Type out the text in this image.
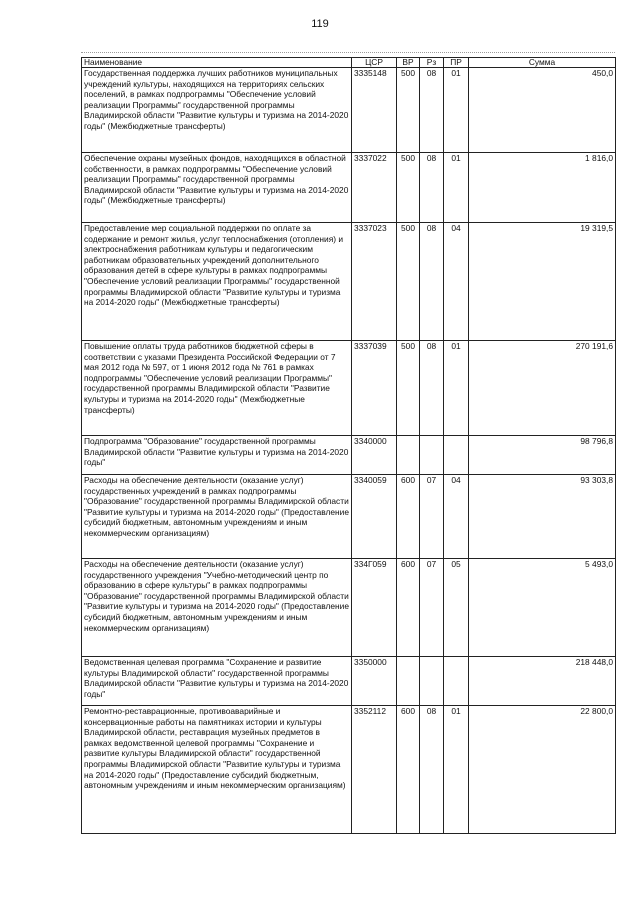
119
Наименование	ЦСР	ВР	Рз	ПР	Сумма
Государственная поддержка лучших работников муниципальных учреждений культуры, находящихся на территориях сельских поселений, в рамках подпрограммы "Обеспечение условий реализации Программы" государственной программы Владимирской области "Развитие культуры и туризма на 2014-2020 годы" (Межбюджетные трансферты)	3335148	500	08	01	450,0
Обеспечение охраны музейных фондов, находящихся в областной собственности, в рамках подпрограммы "Обеспечение условий реализации Программы" государственной программы Владимирской области "Развитие культуры и туризма на 2014-2020 годы" (Межбюджетные трансферты)	3337022	500	08	01	1 816,0
Предоставление мер социальной поддержки по оплате за содержание и ремонт жилья, услуг теплоснабжения (отопления) и электроснабжения работникам культуры и педагогическим работникам образовательных учреждений дополнительного образования детей в сфере культуры в рамках подпрограммы "Обеспечение условий реализации Программы" государственной программы Владимирской области "Развитие культуры и туризма на 2014-2020 годы" (Межбюджетные трансферты)	3337023	500	08	04	19 319,5
Повышение оплаты труда работников бюджетной сферы в соответствии с указами Президента Российской Федерации от 7 мая 2012 года № 597, от 1 июня 2012 года № 761 в рамках подпрограммы "Обеспечение условий реализации Программы" государственной программы Владимирской области "Развитие культуры и туризма на 2014-2020 годы" (Межбюджетные трансферты)	3337039	500	08	01	270 191,6
Подпрограмма "Образование" государственной программы Владимирской области "Развитие культуры и туризма на 2014-2020 годы"	3340000				98 796,8
Расходы на обеспечение деятельности (оказание услуг) государственных учреждений в рамках подпрограммы "Образование" государственной программы Владимирской области "Развитие культуры и туризма на 2014-2020 годы" (Предоставление субсидий бюджетным, автономным учреждениям и иным некоммерческим организациям)	3340059	600	07	04	93 303,8
Расходы на обеспечение деятельности (оказание услуг) государственного учреждения "Учебно-методический центр по образованию в сфере культуры" в рамках подпрограммы "Образование" государственной программы Владимирской области "Развитие культуры и туризма на 2014-2020 годы" (Предоставление субсидий бюджетным, автономным учреждениям и иным некоммерческим организациям)	334Г059	600	07	05	5 493,0
Ведомственная целевая программа "Сохранение и развитие культуры Владимирской области" государственной программы Владимирской области "Развитие культуры и туризма на 2014-2020 годы"	3350000				218 448,0
Ремонтно-реставрационные, противоаварийные и консервационные работы на памятниках истории и культуры Владимирской области, реставрация музейных предметов в рамках ведомственной целевой программы "Сохранение и развитие культуры Владимирской области" государственной программы Владимирской области "Развитие культуры и туризма на 2014-2020 годы" (Предоставление субсидий бюджетным, автономным учреждениям и иным некоммерческим организациям)	3352112	600	08	01	22 800,0
